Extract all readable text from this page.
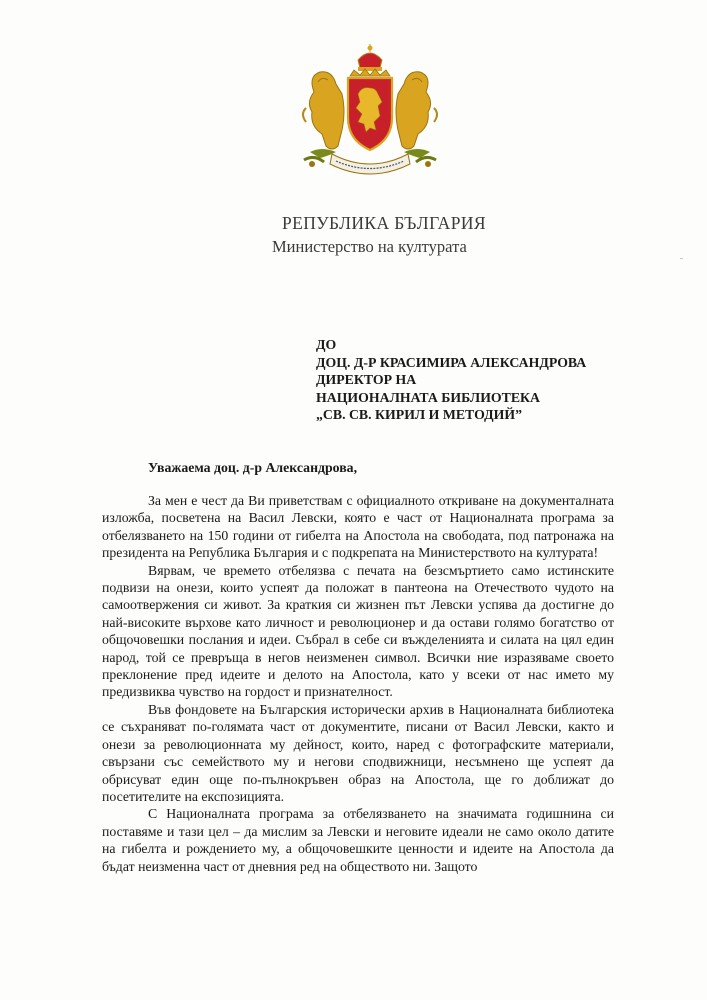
РЕПУБЛИКА БЪЛГАРИЯ
Министерство на културата
ДО
ДОЦ. Д-Р КРАСИМИРА АЛЕКСАНДРОВА
ДИРЕКТОР НА
НАЦИОНАЛНАТА БИБЛИОТЕКА
„СВ. СВ. КИРИЛ И МЕТОДИЙ”
Уважаема доц. д-р Александрова,

За мен е чест да Ви приветствам с официалното откриване на документалната изложба, посветена на Васил Левски, която е част от Националната програма за отбелязването на 150 години от гибелта на Апостола на свободата, под патронажа на президента на Република България и с подкрепата на Министерството на културата!

Вярвам, че времето отбелязва с печата на безсмъртието само истинските подвизи на онези, които успеят да положат в пантеона на Отечеството чудото на самоотвержения си живот. За краткия си жизнен път Левски успява да достигне до най-високите върхове като личност и революционер и да остави голямо богатство от общочовешки послания и идеи. Събрал в себе си въжделенията и силата на цял един народ, той се превръща в негов неизменен символ. Всички ние изразяваме своето преклонение пред идеите и делото на Апостола, като у всеки от нас името му предизвиква чувство на гордост и признателност.

Във фондовете на Българския исторически архив в Националната библиотека се съхраняват по-голямата част от документите, писани от Васил Левски, както и онези за революционната му дейност, които, наред с фотографските материали, свързани със семейството му и негови сподвижници, несъмнено ще успеят да обрисуват един още по-пълнокръвен образ на Апостола, ще го доближат до посетителите на експозицията.

С Националната програма за отбелязването на значимата годишнина си поставяме и тази цел – да мислим за Левски и неговите идеали не само около датите на гибелта и рождението му, а общочовешките ценности и идеите на Апостола да бъдат неизменна част от дневния ред на обществото ни. Защото
